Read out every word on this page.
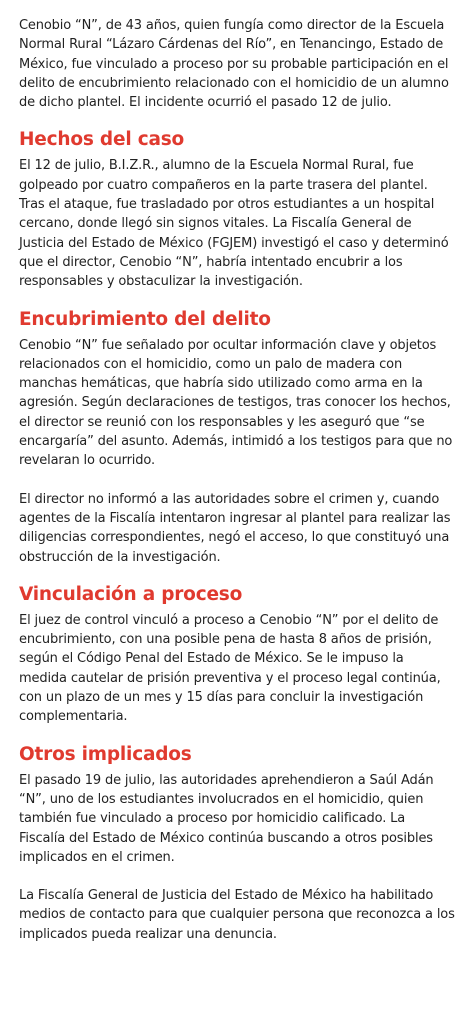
Cenobio “N”, de 43 años, quien fungía como director de la Escuela Normal Rural “Lázaro Cárdenas del Río”, en Tenancingo, Estado de México, fue vinculado a proceso por su probable participación en el delito de encubrimiento relacionado con el homicidio de un alumno de dicho plantel. El incidente ocurrió el pasado 12 de julio.

Hechos del caso

El 12 de julio, B.I.Z.R., alumno de la Escuela Normal Rural, fue golpeado por cuatro compañeros en la parte trasera del plantel. Tras el ataque, fue trasladado por otros estudiantes a un hospital cercano, donde llegó sin signos vitales. La Fiscalía General de Justicia del Estado de México (FGJEM) investigó el caso y determinó que el director, Cenobio “N”, habría intentado encubrir a los responsables y obstaculizar la investigación.

Encubrimiento del delito

Cenobio “N” fue señalado por ocultar información clave y objetos relacionados con el homicidio, como un palo de madera con manchas hemáticas, que habría sido utilizado como arma en la agresión. Según declaraciones de testigos, tras conocer los hechos, el director se reunió con los responsables y les aseguró que “se encargaría” del asunto. Además, intimidó a los testigos para que no revelaran lo ocurrido.

El director no informó a las autoridades sobre el crimen y, cuando agentes de la Fiscalía intentaron ingresar al plantel para realizar las diligencias correspondientes, negó el acceso, lo que constituyó una obstrucción de la investigación.

Vinculación a proceso

El juez de control vinculó a proceso a Cenobio “N” por el delito de encubrimiento, con una posible pena de hasta 8 años de prisión, según el Código Penal del Estado de México. Se le impuso la medida cautelar de prisión preventiva y el proceso legal continúa, con un plazo de un mes y 15 días para concluir la investigación complementaria.

Otros implicados

El pasado 19 de julio, las autoridades aprehendieron a Saúl Adán “N”, uno de los estudiantes involucrados en el homicidio, quien también fue vinculado a proceso por homicidio calificado. La Fiscalía del Estado de México continúa buscando a otros posibles implicados en el crimen.

La Fiscalía General de Justicia del Estado de México ha habilitado medios de contacto para que cualquier persona que reconozca a los implicados pueda realizar una denuncia.
